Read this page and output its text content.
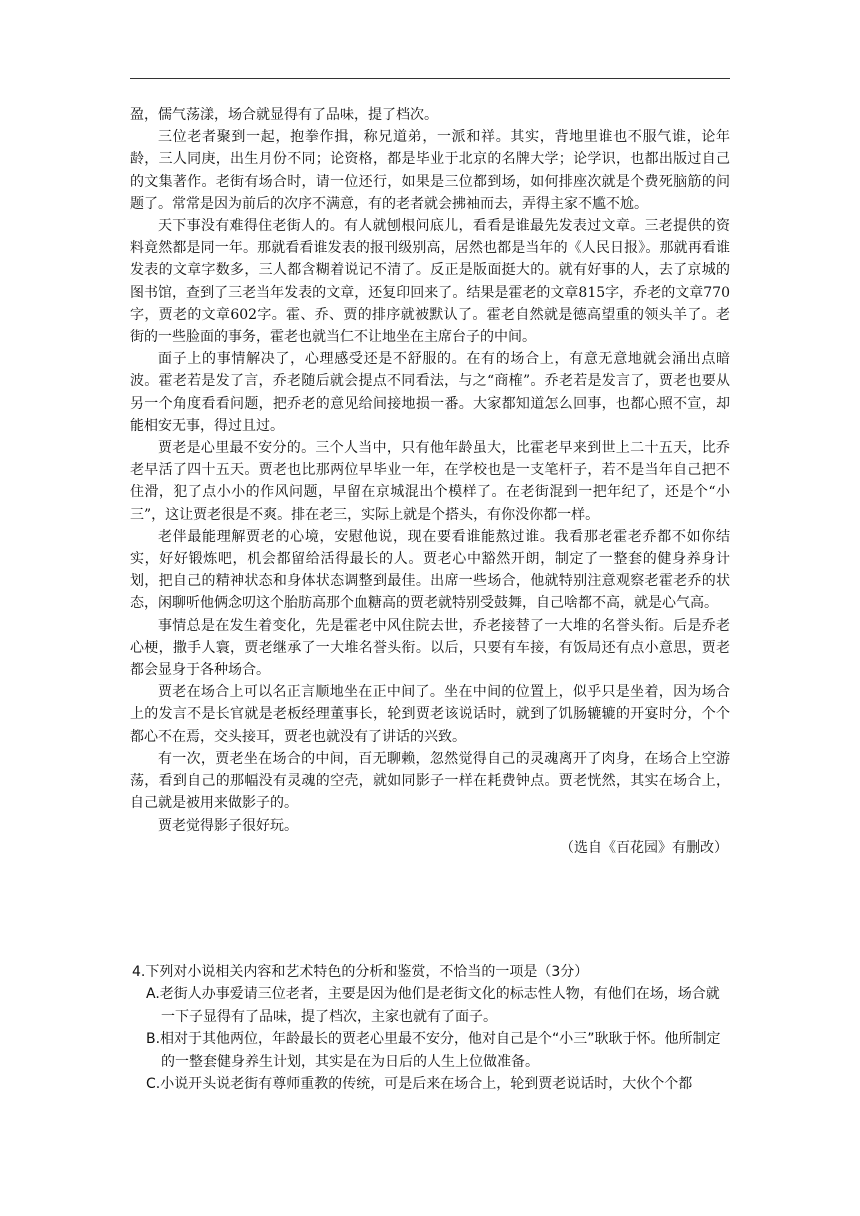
盈，儒气荡漾，场合就显得有了品味，提了档次。

三位老者聚到一起，抱拳作揖，称兄道弟，一派和祥。其实，背地里谁也不服气谁，论年龄，三人同庚，出生月份不同；论资格，都是毕业于北京的名牌大学；论学识，也都出版过自己的文集著作。老街有场合时，请一位还行，如果是三位都到场，如何排座次就是个费死脑筋的问题了。常常是因为前后的次序不满意，有的老者就会拂袖而去，弄得主家不尴不尬。

天下事没有难得住老街人的。有人就刨根问底儿，看看是谁最先发表过文章。三老提供的资料竟然都是同一年。那就看看谁发表的报刊级别高，居然也都是当年的《人民日报》。那就再看谁发表的文章字数多，三人都含糊着说记不清了。反正是版面挺大的。就有好事的人，去了京城的图书馆，查到了三老当年发表的文章，还复印回来了。结果是霍老的文章815字，乔老的文章770字，贾老的文章602字。霍、乔、贾的排序就被默认了。霍老自然就是德高望重的领头羊了。老街的一些脸面的事务，霍老也就当仁不让地坐在主席台子的中间。

面子上的事情解决了，心理感受还是不舒服的。在有的场合上，有意无意地就会涌出点暗波。霍老若是发了言，乔老随后就会提点不同看法，与之“商榷”。乔老若是发言了，贾老也要从另一个角度看看问题，把乔老的意见给间接地损一番。大家都知道怎么回事，也都心照不宣，却能相安无事，得过且过。

贾老是心里最不安分的。三个人当中，只有他年龄虽大，比霍老早来到世上二十五天，比乔老早活了四十五天。贾老也比那两位早毕业一年，在学校也是一支笔杆子，若不是当年自己把不住滑，犯了点小小的作风问题，早留在京城混出个模样了。在老街混到一把年纪了，还是个“小三”，这让贾老很是不爽。排在老三，实际上就是个搭头，有你没你都一样。

老伴最能理解贾老的心境，安慰他说，现在要看谁能熬过谁。我看那老霍老乔都不如你结实，好好锻炼吧，机会都留给活得最长的人。贾老心中豁然开朗，制定了一整套的健身养身计划，把自己的精神状态和身体状态调整到最佳。出席一些场合，他就特别注意观察老霍老乔的状态，闲聊听他俩念叨这个胎肪高那个血糖高的贾老就特别受鼓舞，自己啥都不高，就是心气高。

事情总是在发生着变化，先是霍老中风住院去世，乔老接替了一大堆的名誉头衔。后是乔老心梗，撒手人寰，贾老继承了一大堆名誉头衔。以后，只要有车接，有饭局还有点小意思，贾老都会显身于各种场合。

贾老在场合上可以名正言顺地坐在正中间了。坐在中间的位置上，似乎只是坐着，因为场合上的发言不是长官就是老板经理董事长，轮到贾老该说话时，就到了饥肠辘辘的开宴时分，个个都心不在焉，交头接耳，贾老也就没有了讲话的兴致。

有一次，贾老坐在场合的中间，百无聊赖，忽然觉得自己的灵魂离开了肉身，在场合上空游荡，看到自己的那幅没有灵魂的空壳，就如同影子一样在耗费钟点。贾老恍然，其实在场合上，自己就是被用来做影子的。

贾老觉得影子很好玩。

（选自《百花园》有删改）

4.下列对小说相关内容和艺术特色的分析和鉴赏，不恰当的一项是（3分）

A.老街人办事爱请三位老者，主要是因为他们是老街文化的标志性人物，有他们在场，场合就一下子显得有了品味，提了档次，主家也就有了面子。

B.相对于其他两位，年龄最长的贾老心里最不安分，他对自己是个“小三”耿耿于怀。他所制定的一整套健身养生计划，其实是在为日后的人生上位做准备。

C.小说开头说老街有尊师重教的传统，可是后来在场合上，轮到贾老说话时，大伙个个都
